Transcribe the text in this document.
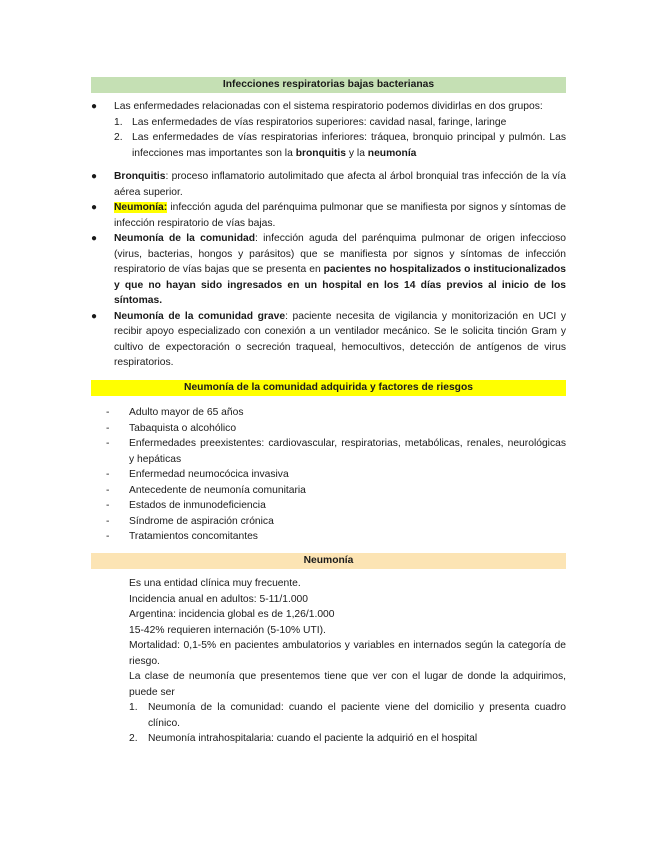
Infecciones respiratorias bajas bacterianas
●	Las enfermedades relacionadas con el sistema respiratorio podemos dividirlas en dos grupos:
1. Las enfermedades de vías respiratorios superiores: cavidad nasal, faringe, laringe
2. Las enfermedades de vías respiratorias inferiores: tráquea, bronquio principal y pulmón. Las infecciones mas importantes son la bronquitis y la neumonía
●	Bronquitis: proceso inflamatorio autolimitado que afecta al árbol bronquial tras infección de la vía aérea superior.
●	Neumonía: infección aguda del parénquima pulmonar que se manifiesta por signos y síntomas de infección respiratorio de vías bajas.
●	Neumonía de la comunidad: infección aguda del parénquima pulmonar de origen infeccioso (virus, bacterias, hongos y parásitos) que se manifiesta por signos y síntomas de infección respiratorio de vías bajas que se presenta en pacientes no hospitalizados o institucionalizados y que no hayan sido ingresados en un hospital en los 14 días previos al inicio de los síntomas.
●	Neumonía de la comunidad grave: paciente necesita de vigilancia y monitorización en UCI y recibir apoyo especializado con conexión a un ventilador mecánico. Se le solicita tinción Gram y cultivo de expectoración o secreción traqueal, hemocultivos, detección de antígenos de virus respiratorios.
Neumonía de la comunidad adquirida y factores de riesgos
- Adulto mayor de 65 años
- Tabaquista o alcohólico
- Enfermedades preexistentes: cardiovascular, respiratorias, metabólicas, renales, neurológicas y hepáticas
- Enfermedad neumocócica invasiva
- Antecedente de neumonía comunitaria
- Estados de inmunodeficiencia
- Síndrome de aspiración crónica
- Tratamientos concomitantes
Neumonía
Es una entidad clínica muy frecuente.
Incidencia anual en adultos: 5-11/1.000
Argentina: incidencia global es de 1,26/1.000
15-42% requieren internación (5-10% UTI).
Mortalidad: 0,1-5% en pacientes ambulatorios y variables en internados según la categoría de riesgo.
La clase de neumonía que presentemos tiene que ver con el lugar de donde la adquirimos, puede ser
1. Neumonía de la comunidad: cuando el paciente viene del domicilio y presenta cuadro clínico.
2. Neumonía intrahospitalaria: cuando el paciente la adquirió en el hospital
